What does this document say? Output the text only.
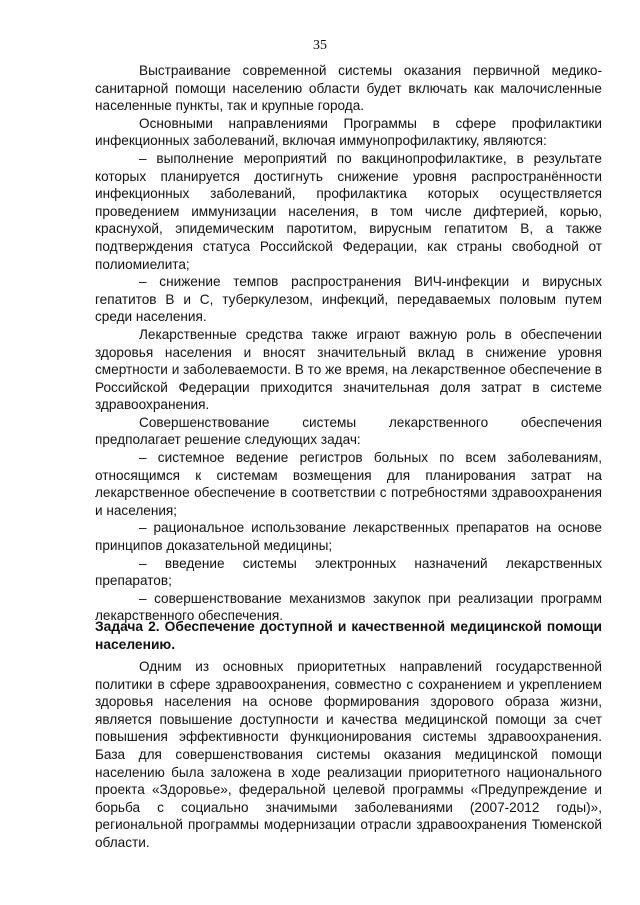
35

Выстраивание современной системы оказания первичной медико-санитарной помощи населению области будет включать как малочисленные населенные пункты, так и крупные города.

Основными направлениями Программы в сфере профилактики инфекционных заболеваний, включая иммунопрофилактику, являются:

– выполнение мероприятий по вакцинопрофилактике, в результате которых планируется достигнуть снижение уровня распространённости инфекционных заболеваний, профилактика которых осуществляется проведением иммунизации населения, в том числе дифтерией, корью, краснухой, эпидемическим паротитом, вирусным гепатитом В, а также подтверждения статуса Российской Федерации, как страны свободной от полиомиелита;

– снижение темпов распространения ВИЧ-инфекции и вирусных гепатитов В и С, туберкулезом, инфекций, передаваемых половым путем среди населения.

Лекарственные средства также играют важную роль в обеспечении здоровья населения и вносят значительный вклад в снижение уровня смертности и заболеваемости. В то же время, на лекарственное обеспечение в Российской Федерации приходится значительная доля затрат в системе здравоохранения.

Совершенствование системы лекарственного обеспечения предполагает решение следующих задач:

– системное ведение регистров больных по всем заболеваниям, относящимся к системам возмещения для планирования затрат на лекарственное обеспечение в соответствии с потребностями здравоохранения и населения;

– рациональное использование лекарственных препаратов на основе принципов доказательной медицины;

– введение системы электронных назначений лекарственных препаратов;

– совершенствование механизмов закупок при реализации программ лекарственного обеспечения.

Задача 2. Обеспечение доступной и качественной медицинской помощи населению.

Одним из основных приоритетных направлений государственной политики в сфере здравоохранения, совместно с сохранением и укреплением здоровья населения на основе формирования здорового образа жизни, является повышение доступности и качества медицинской помощи за счет повышения эффективности функционирования системы здравоохранения. База для совершенствования системы оказания медицинской помощи населению была заложена в ходе реализации приоритетного национального проекта «Здоровье», федеральной целевой программы «Предупреждение и борьба с социально значимыми заболеваниями (2007-2012 годы)», региональной программы модернизации отрасли здравоохранения Тюменской области.
